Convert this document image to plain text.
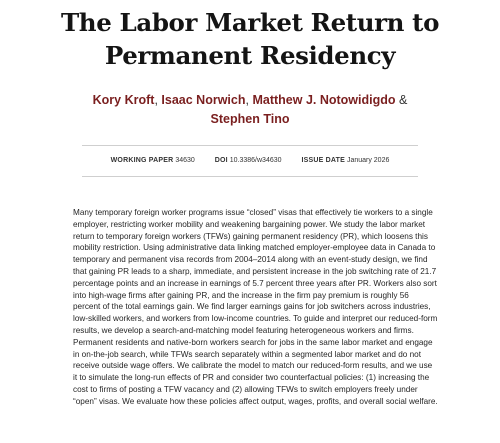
The Labor Market Return to Permanent Residency

Kory Kroft, Isaac Norwich, Matthew J. Notowidigdo &
Stephen Tino

WORKING PAPER 34630	DOI 10.3386/w34630	ISSUE DATE January 2026

Many temporary foreign worker programs issue “closed” visas that effectively tie workers to a single employer, restricting worker mobility and weakening bargaining power. We study the labor market return to temporary foreign workers (TFWs) gaining permanent residency (PR), which loosens this mobility restriction. Using administrative data linking matched employer-employee data in Canada to temporary and permanent visa records from 2004–2014 along with an event-study design, we find that gaining PR leads to a sharp, immediate, and persistent increase in the job switching rate of 21.7 percentage points and an increase in earnings of 5.7 percent three years after PR. Workers also sort into high-wage firms after gaining PR, and the increase in the firm pay premium is roughly 56 percent of the total earnings gain. We find larger earnings gains for job switchers across industries, low-skilled workers, and workers from low-income countries. To guide and interpret our reduced-form results, we develop a search-and-matching model featuring heterogeneous workers and firms. Permanent residents and native-born workers search for jobs in the same labor market and engage in on-the-job search, while TFWs search separately within a segmented labor market and do not receive outside wage offers. We calibrate the model to match our reduced-form results, and we use it to simulate the long-run effects of PR and consider two counterfactual policies: (1) increasing the cost to firms of posting a TFW vacancy and (2) allowing TFWs to switch employers freely under “open” visas. We evaluate how these policies affect output, wages, profits, and overall social welfare.
